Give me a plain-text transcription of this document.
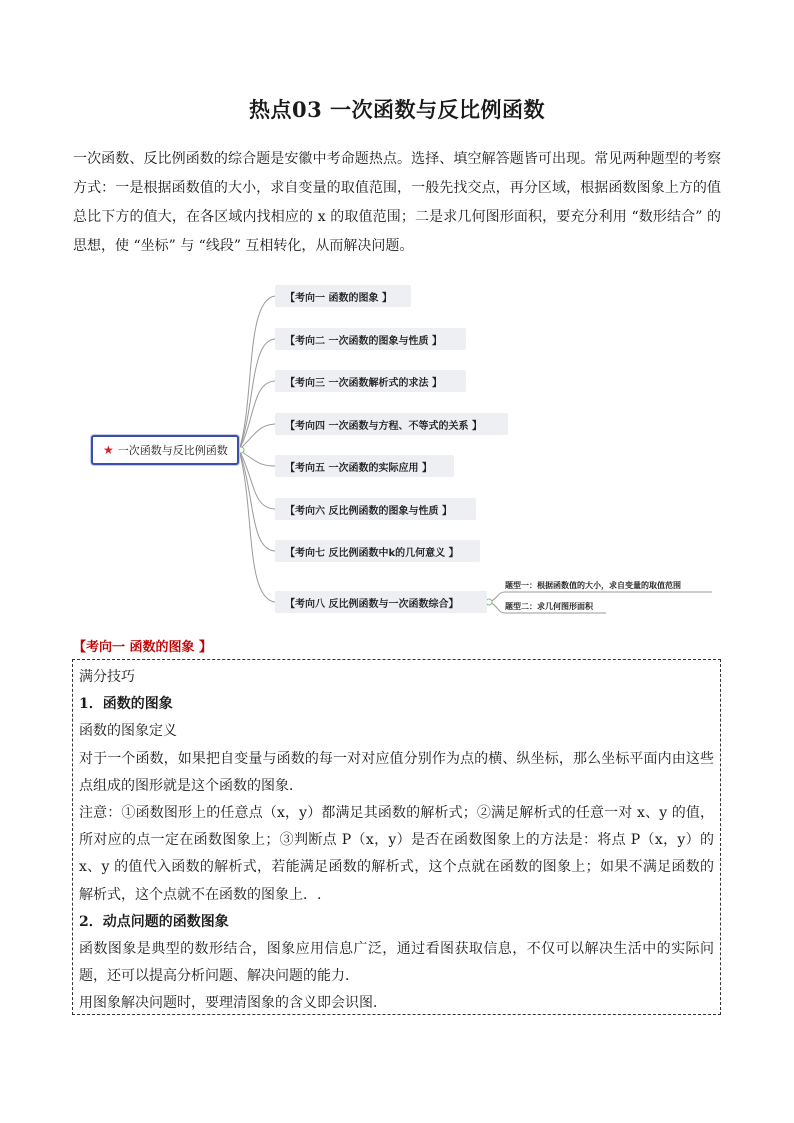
热点03 一次函数与反比例函数

一次函数、反比例函数的综合题是安徽中考命题热点。选择、填空解答题皆可出现。常见两种题型的考察方式：一是根据函数值的大小，求自变量的取值范围，一般先找交点，再分区域，根据函数图象上方的值总比下方的值大，在各区域内找相应的 x 的取值范围；二是求几何图形面积，要充分利用 “数形结合” 的思想，使 “坐标” 与 “线段” 互相转化，从而解决问题。

★ 一次函数与反比例函数
【考向一 函数的图象 】
【考向二 一次函数的图象与性质 】
【考向三 一次函数解析式的求法 】
【考向四 一次函数与方程、不等式的关系 】
【考向五 一次函数的实际应用 】
【考向六 反比例函数的图象与性质 】
【考向七 反比例函数中k的几何意义 】
【考向八 反比例函数与一次函数综合】
题型一：根据函数值的大小，求自变量的取值范围
题型二：求几何图形面积
【考向一 函数的图象 】

满分技巧

1．函数的图象

函数的图象定义

对于一个函数，如果把自变量与函数的每一对对应值分别作为点的横、纵坐标，那么坐标平面内由这些点组成的图形就是这个函数的图象．

注意：①函数图形上的任意点（x，y）都满足其函数的解析式；②满足解析式的任意一对 x、y 的值，所对应的点一定在函数图象上；③判断点 P（x，y）是否在函数图象上的方法是：将点 P（x，y）的 x、y 的值代入函数的解析式，若能满足函数的解析式，这个点就在函数的图象上；如果不满足函数的解析式，这个点就不在函数的图象上．.

2．动点问题的函数图象

函数图象是典型的数形结合，图象应用信息广泛，通过看图获取信息，不仅可以解决生活中的实际问题，还可以提高分析问题、解决问题的能力．

用图象解决问题时，要理清图象的含义即会识图．
